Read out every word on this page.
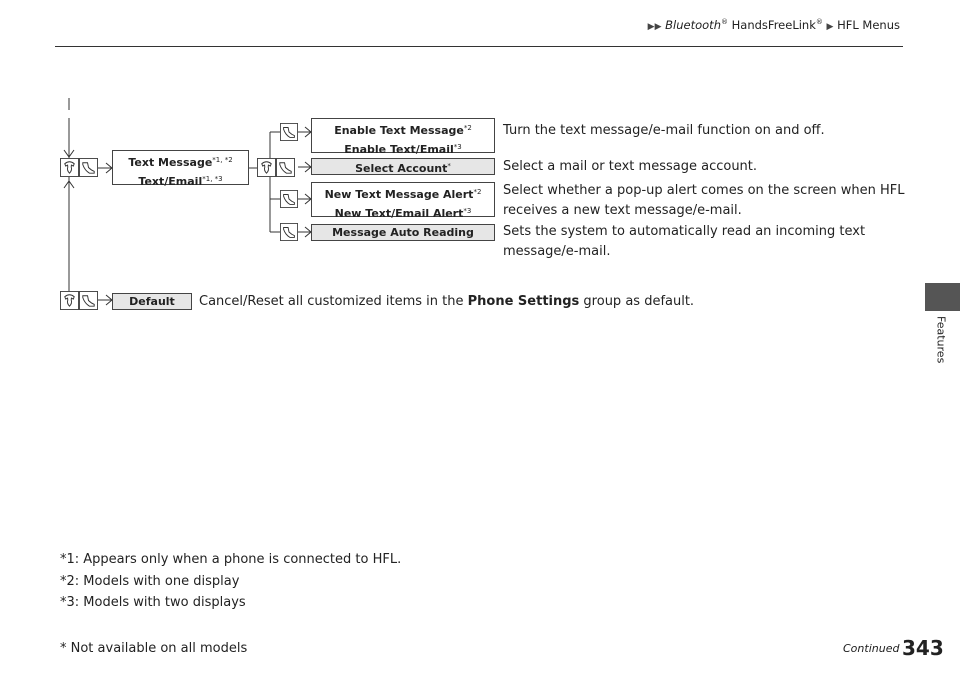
▶▶ Bluetooth® HandsFreeLink® ▶ HFL Menus
Features
Text Message$^{*1, *2}$
Text/Email$^{*1, *3}$
Enable Text Message$^{*2}$
Enable Text/Email$^{*3}$
Select Account*
New Text Message Alert$^{*2}$
New Text/Email Alert$^{*3}$
Message Auto Reading
Default
Turn the text message/e-mail function on and off.
Select a mail or text message account.
Select whether a pop-up alert comes on the screen when HFL
receives a new text message/e-mail.
Sets the system to automatically read an incoming text
message/e-mail.
Cancel/Reset all customized items in the Phone Settings group as default.
*1: Appears only when a phone is connected to HFL.
*2: Models with one display
*3: Models with two displays
* Not available on all models	Continued 343
